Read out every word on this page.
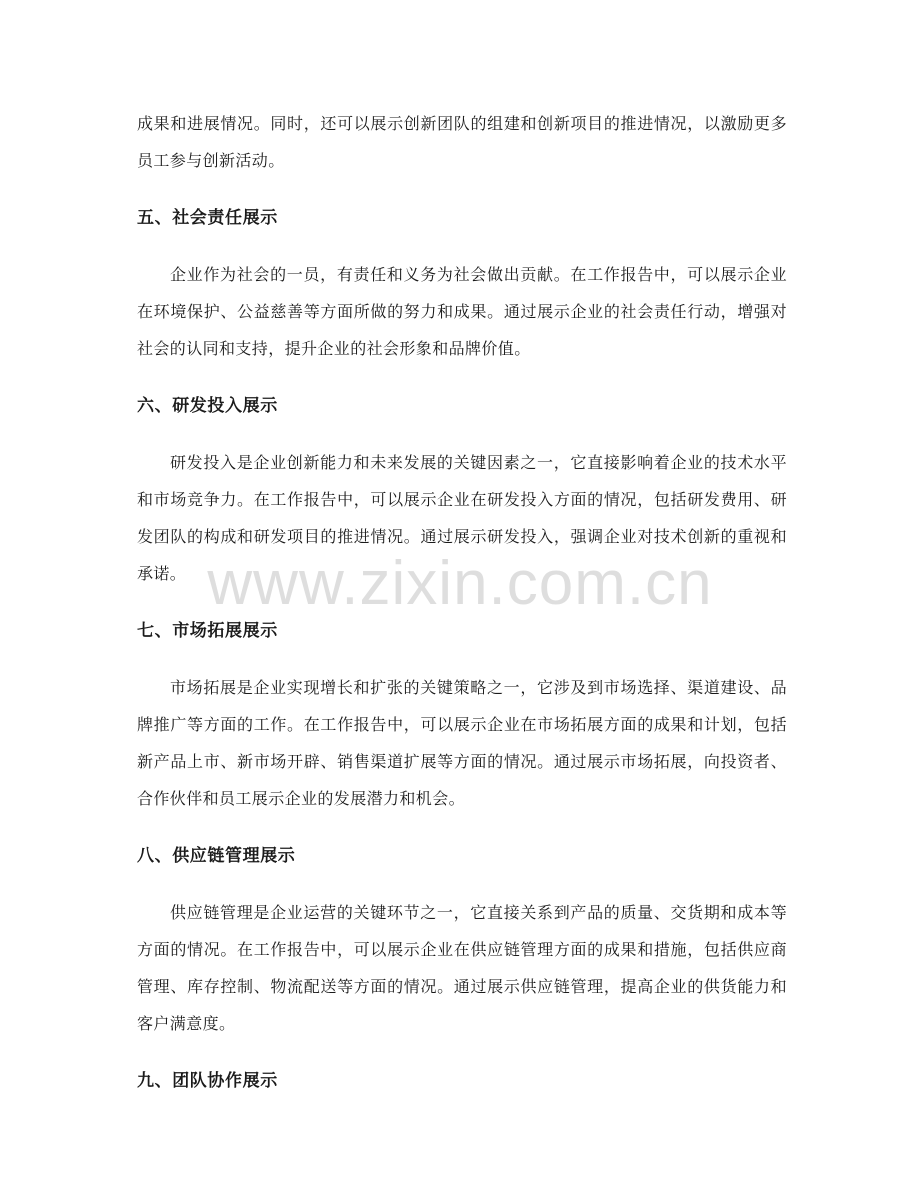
成果和进展情况。同时，还可以展示创新团队的组建和创新项目的推进情况，以激励更多员工参与创新活动。

五、社会责任展示

企业作为社会的一员，有责任和义务为社会做出贡献。在工作报告中，可以展示企业在环境保护、公益慈善等方面所做的努力和成果。通过展示企业的社会责任行动，增强对社会的认同和支持，提升企业的社会形象和品牌价值。

六、研发投入展示

研发投入是企业创新能力和未来发展的关键因素之一，它直接影响着企业的技术水平和市场竞争力。在工作报告中，可以展示企业在研发投入方面的情况，包括研发费用、研发团队的构成和研发项目的推进情况。通过展示研发投入，强调企业对技术创新的重视和承诺。

七、市场拓展展示

市场拓展是企业实现增长和扩张的关键策略之一，它涉及到市场选择、渠道建设、品牌推广等方面的工作。在工作报告中，可以展示企业在市场拓展方面的成果和计划，包括新产品上市、新市场开辟、销售渠道扩展等方面的情况。通过展示市场拓展，向投资者、合作伙伴和员工展示企业的发展潜力和机会。

八、供应链管理展示

供应链管理是企业运营的关键环节之一，它直接关系到产品的质量、交货期和成本等方面的情况。在工作报告中，可以展示企业在供应链管理方面的成果和措施，包括供应商管理、库存控制、物流配送等方面的情况。通过展示供应链管理，提高企业的供货能力和客户满意度。

九、团队协作展示
www.zixin.com.cn
